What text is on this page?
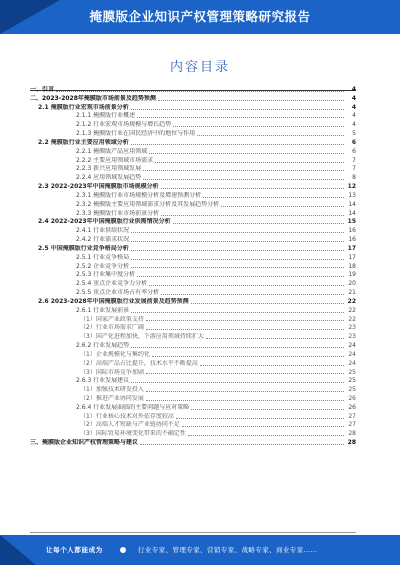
掩膜版企业知识产权管理策略研究报告
内容目录
一、引言	4
二、2023-2028年掩膜版市场前景及趋势预测	4
2.1 掩膜版行业宏观市场前景分析	4
2.1.1 掩膜版行业概述	4
2.1.2 行业宏观市场规模与增长趋势	4
2.1.3 掩膜版行业在国民经济中的地位与作用	5
2.2 掩膜版行业主要应用领域分析	6
2.2.1 掩膜版产品应用领域	6
2.2.2 主要应用领域市场需求	7
2.2.3 新兴应用领域发展	7
2.2.4 应用领域发展趋势	8
2.3 2022-2023年中国掩膜版市场规模分析	12
2.3.1 掩膜版行业市场规模分析及增速预测分析	13
2.3.2 掩膜版主要应用领域需求分析及其发展趋势分析	14
2.3.3 掩膜版行业市场前景分析	14
2.4 2022-2023年中国掩膜版行业供需情况分析	15
2.4.1 行业供给状况	16
2.4.2 行业需求状况	16
2.5 中国掩膜版行业竞争格局分析	17
2.5.1 行业竞争格局	17
2.5.2 企业竞争分析	18
2.5.3 行业集中度分析	19
2.5.4 重点企业竞争力分析	20
2.5.5 重点企业市场占有率分析	21
2.6 2023-2028年中国掩膜版行业发展前景及趋势预测	22
2.6.1 行业发展前景	22
（1）国家产业政策支持	22
（2）行业市场需求广阔	23
（3）国产化进程加快，下游应用领域持续扩大	23
2.6.2 行业发展趋势	24
（1）企业规模化与集约化	24
（2）高端产品占比提升，技术水平不断提高	24
（3）国际市场竞争加剧	25
2.6.3 行业发展建议	25
（1）加强技术研发投入	25
（2）推进产业协同发展	26
2.6.4 行业发展面临的主要问题与应对策略	26
（1）行业核心技术对外依存度较高	27
（2）高端人才短缺与产业链协同不足	27
（3）国际贸易环境变化带来的不确定性	28
三、掩膜版企业知识产权管理策略与建议	28
让每个人都能成为	行业专家、管理专家、营销专家、战略专家、商业专家……
